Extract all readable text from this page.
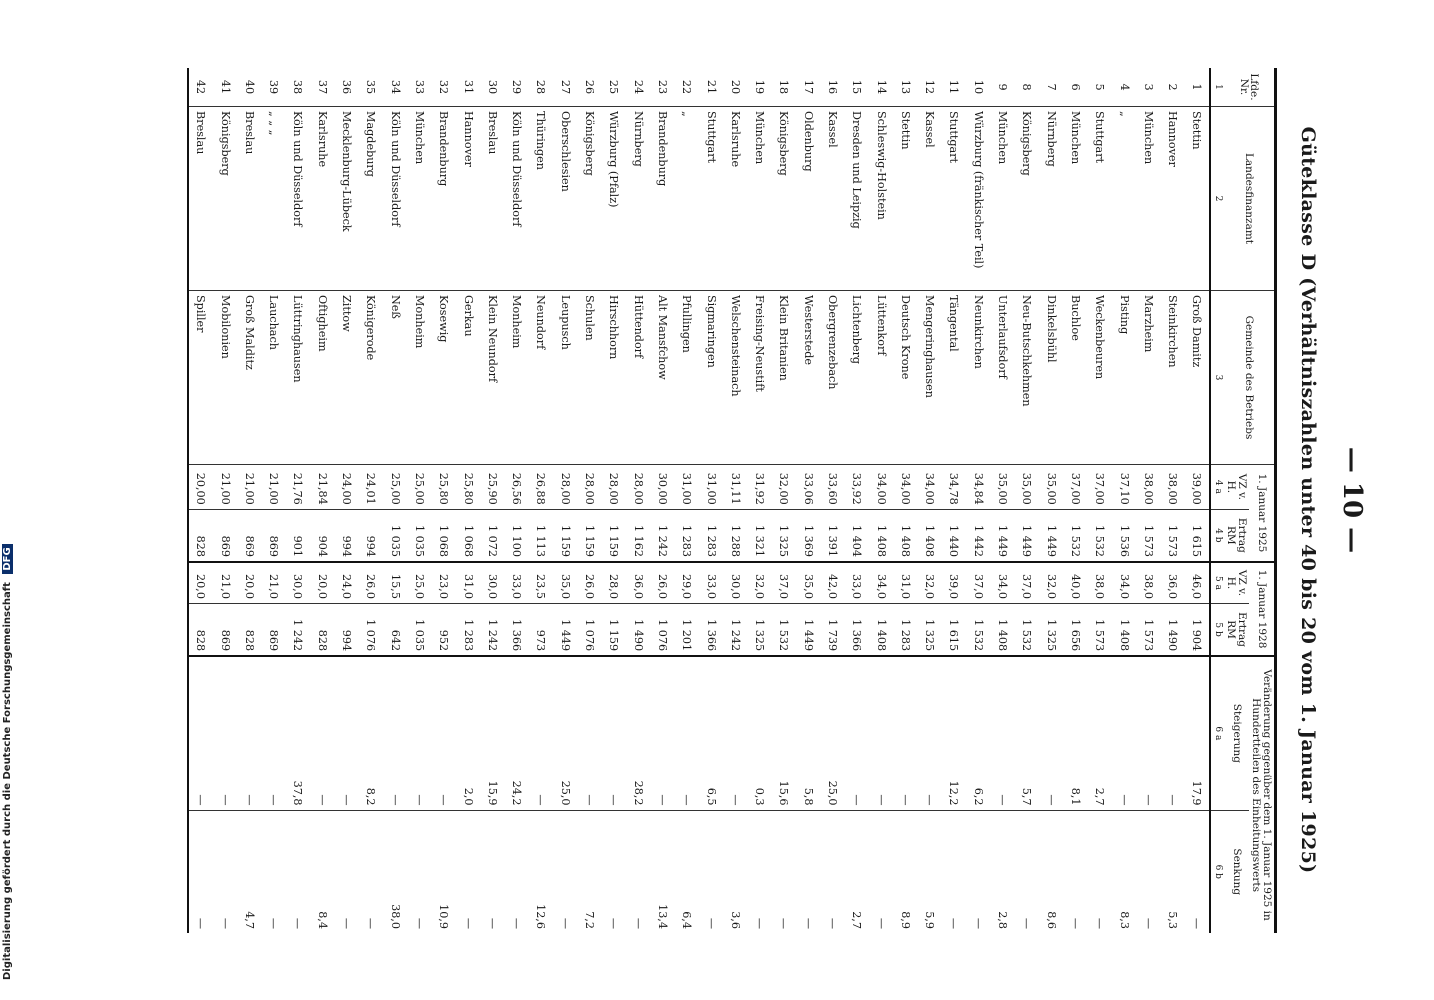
— 10 —
Güteklasse D (Verhältniszahlen unter 40 bis 20 vom 1. Januar 1925)
Lfde. Nr.	Landesfinanzamt	Gemeinde des Betriebs	1. Januar 1925		1. Januar 1928		Veränderung gegenüber dem 1. Januar 1925 in Hundertteilen des Einheitungswerts	
			VZ v. H.	Ertrag RM	VZ v. H.	Ertrag RM	Steigerung	Senkung
1	2	3	4 a	4 b	5 a	5 b	6 a	6 b
1	Stettin	Groß Damitz	39,00	1 615	46,0	1 904	17,9	—
2	Hannover	Steinkirchen	38,00	1 573	36,0	1 490	—	5,3
3	München	Marzheim	38,00	1 573	38,0	1 573	—	—
4	„	Pisting	37,10	1 536	34,0	1 408	—	8,3
5	Stuttgart	Weckenbeuren	37,00	1 532	38,0	1 573	2,7	—
6	München	Buchloe	37,00	1 532	40,0	1 656	8,1	—
7	Nürnberg	Dinkelsbühl	35,00	1 449	32,0	1 325	—	8,6
8	Königsberg	Neu-Butschkehmen	35,00	1 449	37,0	1 532	5,7	—
9	München	Unterlaufsdorf	35,00	1 449	34,0	1 408	—	2,8
10	Würzburg (fränkischer Teil)	Neunkirchen	34,84	1 442	37,0	1 532	6,2	—
11	Stuttgart	Tängental	34,78	1 440	39,0	1 615	12,2	—
12	Kassel	Mengeringhausen	34,00	1 408	32,0	1 325	—	5,9
13	Stettin	Deutsch Krone	34,00	1 408	31,0	1 283	—	8,9
14	Schleswig-Holstein	Lüttenkorf	34,00	1 408	34,0	1 408	—	—
15	Dresden und Leipzig	Lichtenberg	33,92	1 404	33,0	1 366	—	2,7
16	Kassel	Obergrenzebach	33,60	1 391	42,0	1 739	25,0	—
17	Oldenburg	Westerstede	33,06	1 369	35,0	1 449	5,8	—
18	Königsberg	Klein Britanien	32,00	1 325	37,0	1 532	15,6	—
19	München	Freising-Neustift	31,92	1 321	32,0	1 325	0,3	—
20	Karlsruhe	Welschensteinach	31,11	1 288	30,0	1 242	—	3,6
21	Stuttgart	Sigmaringen	31,00	1 283	33,0	1 366	6,5	—
22	„	Pfullingen	31,00	1 283	29,0	1 201	—	6,4
23	Brandenburg	Alt Mansfchow	30,00	1 242	26,0	1 076	—	13,4
24	Nürnberg	Hüttendorf	28,00	1 162	36,0	1 490	28,2	—
25	Würzburg (Pfalz)	Hirschhorn	28,00	1 159	28,0	1 159	—	—
26	Königsberg	Schulen	28,00	1 159	26,0	1 076	—	7,2
27	Oberschlesien	Leupusch	28,00	1 159	35,0	1 449	25,0	—
28	Thüringen	Neundorf	26,88	1 113	23,5	973	—	12,6
29	Köln und Düsseldorf	Monheim	26,56	1 100	33,0	1 366	24,2	—
30	Breslau	Klein Neundorf	25,90	1 072	30,0	1 242	15,9	—
31	Hannover	Gerkau	25,80	1 068	31,0	1 283	2,0	—
32	Brandenburg	Kosewig	25,80	1 068	23,0	952	—	10,9
33	München	Monheim	25,00	1 035	25,0	1 035	—	—
34	Köln und Düsseldorf	Neß	25,00	1 035	15,5	642	—	38,0
35	Magdeburg	Königerode	24,01	994	26,0	1 076	8,2	—
36	Mecklenburg-Lübeck	Zittow	24,00	994	24,0	994	—	—
37	Karlsruhe	Oftigheim	21,84	904	20,0	828	—	8,4
38	Köln und Düsseldorf	Lüttringhausen	21,76	901	30,0	1 242	37,8	—
39	„ „ „	Lauchach	21,00	869	21,0	869	—	—
40	Breslau	Groß Malditz	21,00	869	20,0	828	—	4,7
41	Königsberg	Mobilonien	21,00	869	21,0	869	—	—
42	Breslau	Spiller	20,00	828	20,0	828	—	—
Digitalisierung gefördert durch die Deutsche Forschungsgemeinschaft DFG
